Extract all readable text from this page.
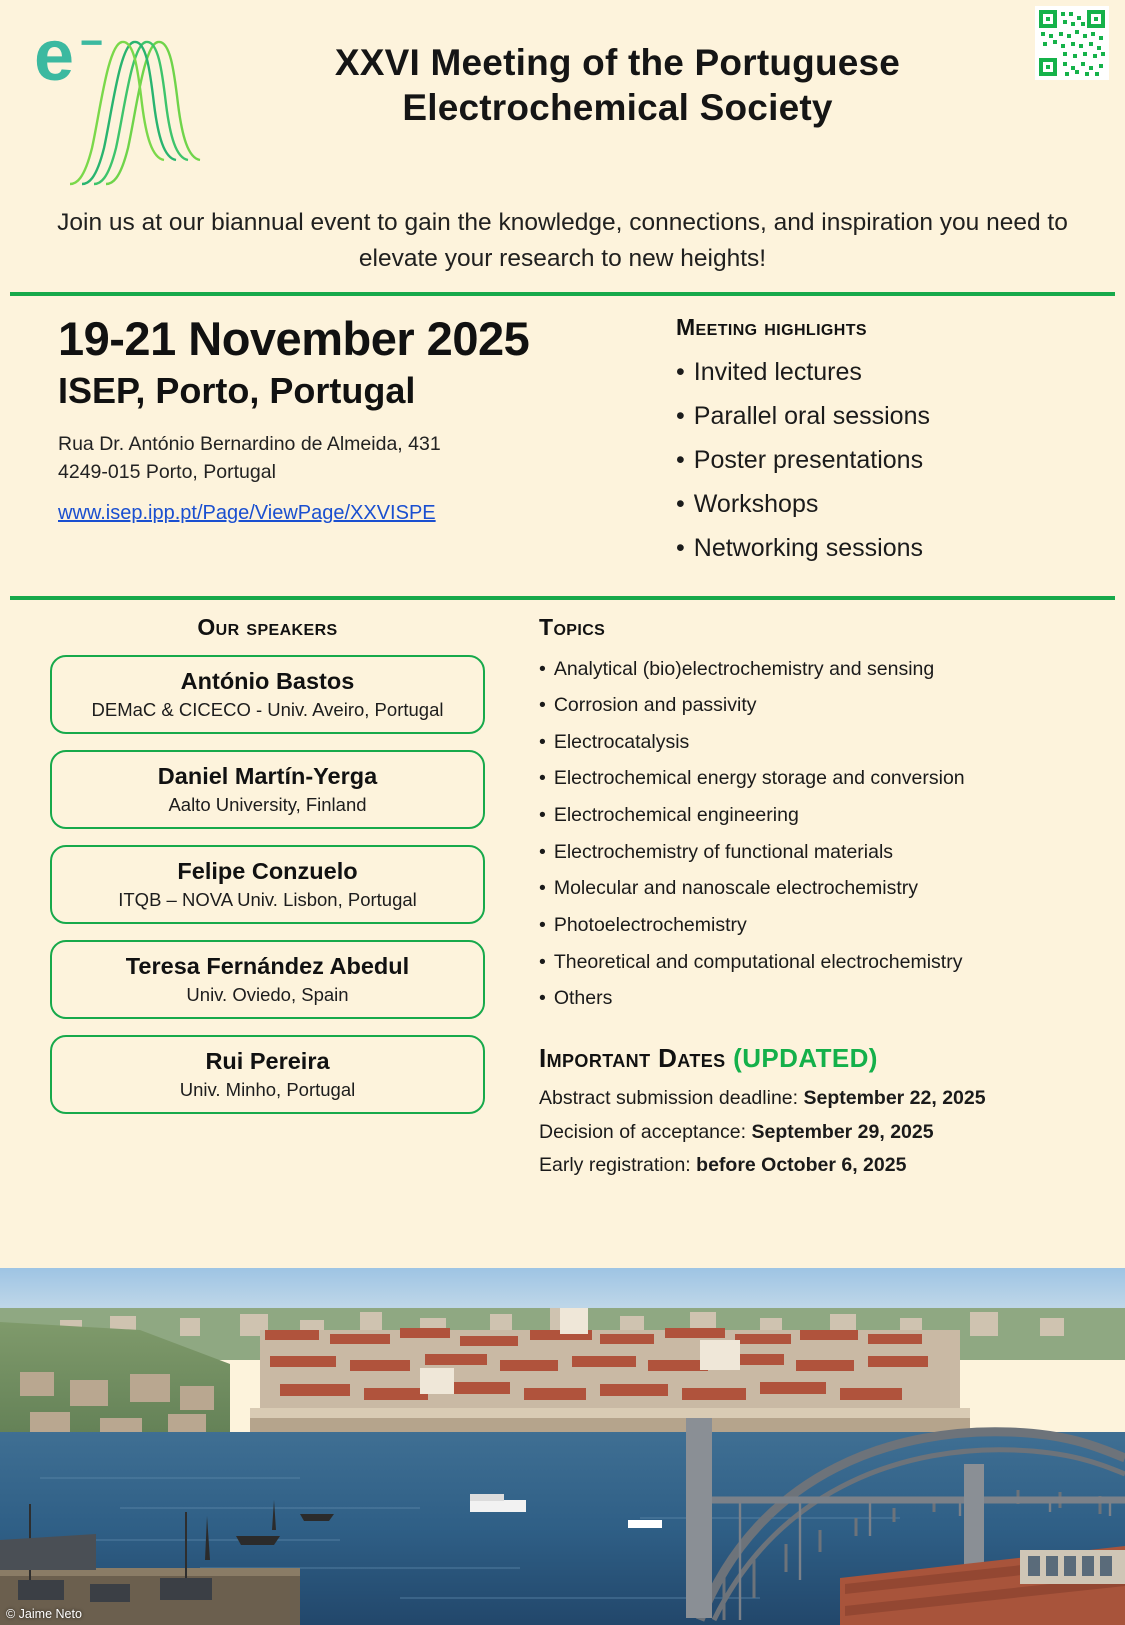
e −	XXVI Meeting of the Portuguese
Electrochemical Society
Join us at our biannual event to gain the knowledge, connections, and inspiration you need to elevate your research to new heights!
19-21 November 2025
ISEP, Porto, Portugal
Rua Dr. António Bernardino de Almeida, 431
4249-015 Porto, Portugal
www.isep.ipp.pt/Page/ViewPage/XXVISPE
Meeting highlights
• Invited lectures
• Parallel oral sessions
• Poster presentations
• Workshops
• Networking sessions
Our speakers
António Bastos
DEMaC & CICECO - Univ. Aveiro, Portugal
Daniel Martín-Yerga
Aalto University, Finland
Felipe Conzuelo
ITQB – NOVA Univ. Lisbon, Portugal
Teresa Fernández Abedul
Univ. Oviedo, Spain
Rui Pereira
Univ. Minho, Portugal
Topics
• Analytical (bio)electrochemistry and sensing
• Corrosion and passivity
• Electrocatalysis
• Electrochemical energy storage and conversion
• Electrochemical engineering
• Electrochemistry of functional materials
• Molecular and nanoscale electrochemistry
• Photoelectrochemistry
• Theoretical and computational electrochemistry
• Others
Important Dates (UPDATED)
Abstract submission deadline: September 22, 2025
Decision of acceptance: September 29, 2025
Early registration: before October 6, 2025
© Jaime Neto
